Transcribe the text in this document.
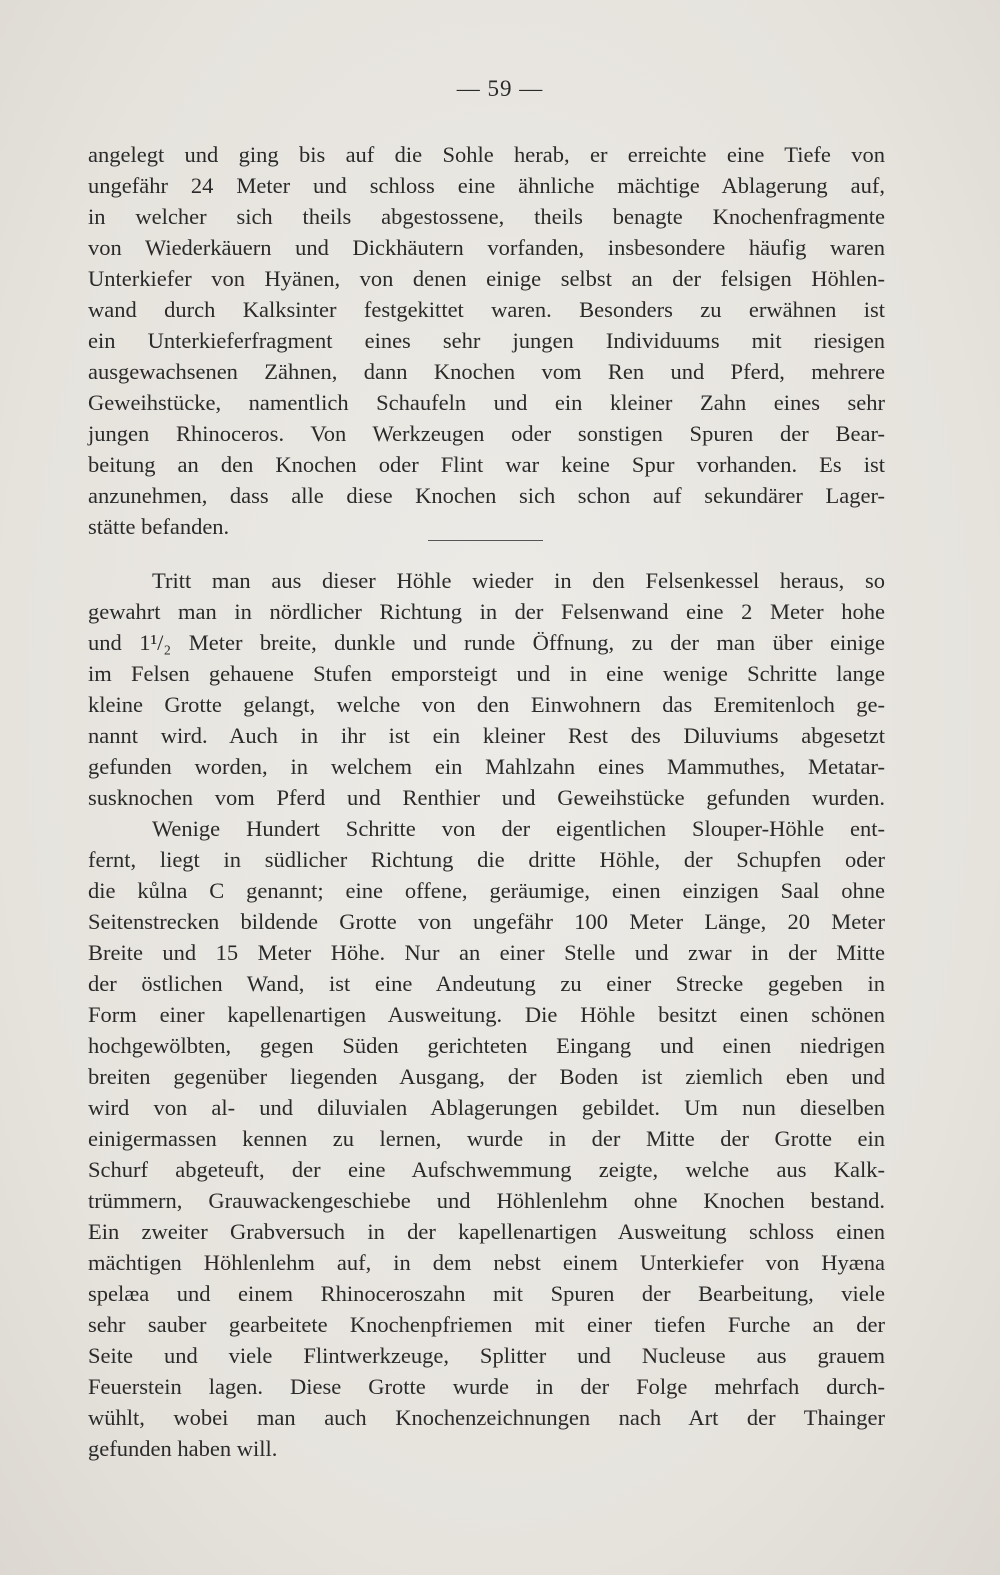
— 59 —
angelegt und ging bis auf die Sohle herab, er erreichte eine Tiefe von
ungefähr 24 Meter und schloss eine ähnliche mächtige Ablagerung auf,
in welcher sich theils abgestossene, theils benagte Knochenfragmente
von Wiederkäuern und Dickhäutern vorfanden, insbesondere häufig waren
Unterkiefer von Hyänen, von denen einige selbst an der felsigen Höhlen-
wand durch Kalksinter festgekittet waren. Besonders zu erwähnen ist
ein Unterkieferfragment eines sehr jungen Individuums mit riesigen
ausgewachsenen Zähnen, dann Knochen vom Ren und Pferd, mehrere
Geweihstücke, namentlich Schaufeln und ein kleiner Zahn eines sehr
jungen Rhinoceros. Von Werkzeugen oder sonstigen Spuren der Bear-
beitung an den Knochen oder Flint war keine Spur vorhanden. Es ist
anzunehmen, dass alle diese Knochen sich schon auf sekundärer Lager-
stätte befanden.
Tritt man aus dieser Höhle wieder in den Felsenkessel heraus, so
gewahrt man in nördlicher Richtung in der Felsenwand eine 2 Meter hohe
und 1¹/₂ Meter breite, dunkle und runde Öffnung, zu der man über einige
im Felsen gehauene Stufen emporsteigt und in eine wenige Schritte lange
kleine Grotte gelangt, welche von den Einwohnern das Eremitenloch ge-
nannt wird. Auch in ihr ist ein kleiner Rest des Diluviums abgesetzt
gefunden worden, in welchem ein Mahlzahn eines Mammuthes, Metatar-
susknochen vom Pferd und Renthier und Geweihstücke gefunden wurden.
Wenige Hundert Schritte von der eigentlichen Slouper-Höhle ent-
fernt, liegt in südlicher Richtung die dritte Höhle, der Schupfen oder
die kůlna C genannt; eine offene, geräumige, einen einzigen Saal ohne
Seitenstrecken bildende Grotte von ungefähr 100 Meter Länge, 20 Meter
Breite und 15 Meter Höhe. Nur an einer Stelle und zwar in der Mitte
der östlichen Wand, ist eine Andeutung zu einer Strecke gegeben in
Form einer kapellenartigen Ausweitung. Die Höhle besitzt einen schönen
hochgewölbten, gegen Süden gerichteten Eingang und einen niedrigen
breiten gegenüber liegenden Ausgang, der Boden ist ziemlich eben und
wird von al- und diluvialen Ablagerungen gebildet. Um nun dieselben
einigermassen kennen zu lernen, wurde in der Mitte der Grotte ein
Schurf abgeteuft, der eine Aufschwemmung zeigte, welche aus Kalk-
trümmern, Grauwackengeschiebe und Höhlenlehm ohne Knochen bestand.
Ein zweiter Grabversuch in der kapellenartigen Ausweitung schloss einen
mächtigen Höhlenlehm auf, in dem nebst einem Unterkiefer von Hyæna
spelæa und einem Rhinoceroszahn mit Spuren der Bearbeitung, viele
sehr sauber gearbeitete Knochenpfriemen mit einer tiefen Furche an der
Seite und viele Flintwerkzeuge, Splitter und Nucleuse aus grauem
Feuerstein lagen. Diese Grotte wurde in der Folge mehrfach durch-
wühlt, wobei man auch Knochenzeichnungen nach Art der Thainger
gefunden haben will.
